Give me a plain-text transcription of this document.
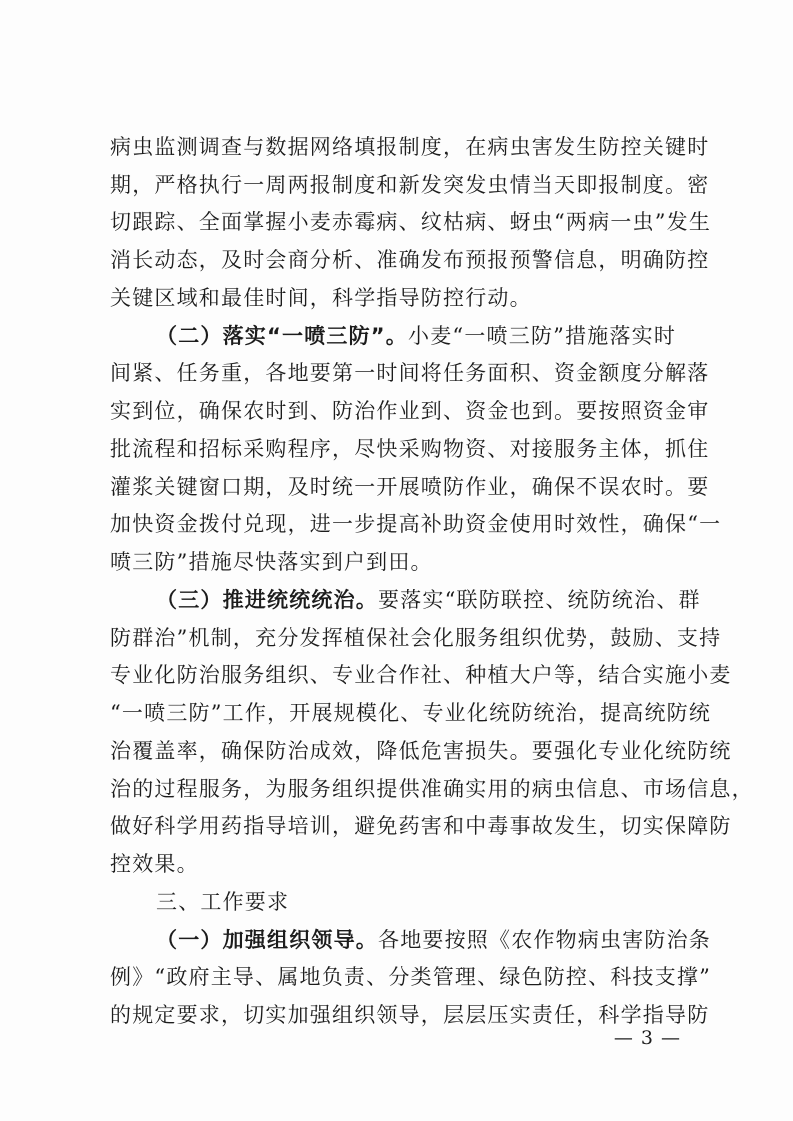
病虫监测调查与数据网络填报制度，在病虫害发生防控关键时
期，严格执行一周两报制度和新发突发虫情当天即报制度。密
切跟踪、全面掌握小麦赤霉病、纹枯病、蚜虫“两病一虫”发生
消长动态，及时会商分析、准确发布预报预警信息，明确防控
关键区域和最佳时间，科学指导防控行动。
（二）落实“一喷三防”。小麦“一喷三防”措施落实时
间紧、任务重，各地要第一时间将任务面积、资金额度分解落
实到位，确保农时到、防治作业到、资金也到。要按照资金审
批流程和招标采购程序，尽快采购物资、对接服务主体，抓住
灌浆关键窗口期，及时统一开展喷防作业，确保不误农时。要
加快资金拨付兑现，进一步提高补助资金使用时效性，确保“一
喷三防”措施尽快落实到户到田。
（三）推进统统统治。要落实“联防联控、统防统治、群
防群治”机制，充分发挥植保社会化服务组织优势，鼓励、支持
专业化防治服务组织、专业合作社、种植大户等，结合实施小麦
“一喷三防”工作，开展规模化、专业化统防统治，提高统防统
治覆盖率，确保防治成效，降低危害损失。要强化专业化统防统
治的过程服务，为服务组织提供准确实用的病虫信息、市场信息，
做好科学用药指导培训，避免药害和中毒事故发生，切实保障防
控效果。
三、工作要求
（一）加强组织领导。各地要按照《农作物病虫害防治条
例》“政府主导、属地负责、分类管理、绿色防控、科技支撑”
的规定要求，切实加强组织领导，层层压实责任，科学指导防
— 3 —
